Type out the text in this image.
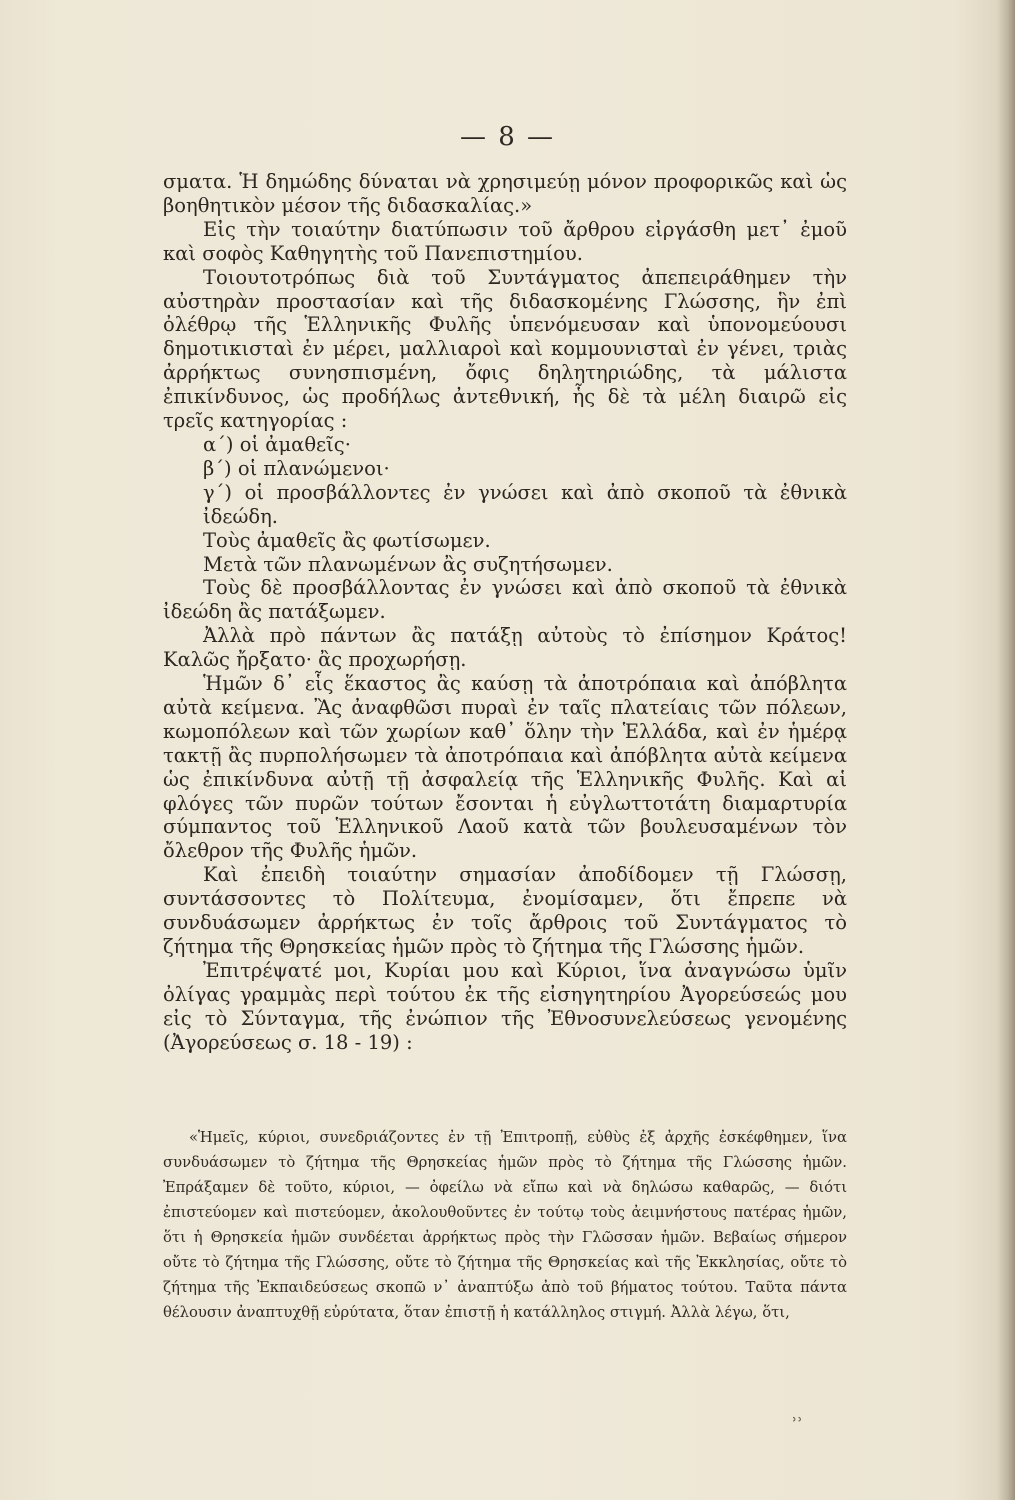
— 8 —

σματα. Ἡ δημώδης δύναται νὰ χρησιμεύῃ μόνον προφορικῶς καὶ ὡς βοηθητικὸν μέσον τῆς διδασκαλίας.»

Εἰς τὴν τοιαύτην διατύπωσιν τοῦ ἄρθρου εἰργάσθη μετ᾽ ἐμοῦ καὶ σοφὸς Καθηγητὴς τοῦ Πανεπιστημίου.

Τοιουτοτρόπως διὰ τοῦ Συντάγματος ἀπεπειράθημεν τὴν αὐστηρὰν προστασίαν καὶ τῆς διδασκομένης Γλώσσης, ἣν ἐπὶ ὀλέθρῳ τῆς Ἑλληνικῆς Φυλῆς ὑπενόμευσαν καὶ ὑπονομεύουσι δημοτικισταὶ ἐν μέρει, μαλλιαροὶ καὶ κομμουνισταὶ ἐν γένει, τριὰς ἀρρήκτως συνησπισμένη, ὄφις δηλητηριώδης, τὰ μάλιστα ἐπικίνδυνος, ὡς προδήλως ἀντεθνική, ἧς δὲ τὰ μέλη διαιρῶ εἰς τρεῖς κατηγορίας :

α΄) οἱ ἀμαθεῖς·

β΄) οἱ πλανώμενοι·

γ΄) οἱ προσβάλλοντες ἐν γνώσει καὶ ἀπὸ σκοποῦ τὰ ἐθνικὰ ἰδεώδη.

Τοὺς ἀμαθεῖς ἂς φωτίσωμεν.

Μετὰ τῶν πλανωμένων ἂς συζητήσωμεν.

Τοὺς δὲ προσβάλλοντας ἐν γνώσει καὶ ἀπὸ σκοποῦ τὰ ἐθνικὰ ἰδεώδη ἂς πατάξωμεν.

Ἀλλὰ πρὸ πάντων ἂς πατάξῃ αὐτοὺς τὸ ἐπίσημον Κράτος! Καλῶς ἤρξατο· ἂς προχωρήσῃ.

Ἡμῶν δ᾽ εἷς ἕκαστος ἂς καύσῃ τὰ ἀποτρόπαια καὶ ἀπόβλητα αὐτὰ κείμενα. Ἂς ἀναφθῶσι πυραὶ ἐν ταῖς πλατείαις τῶν πόλεων, κωμοπόλεων καὶ τῶν χωρίων καθ᾽ ὅλην τὴν Ἑλλάδα, καὶ ἐν ἡμέρᾳ τακτῇ ἂς πυρπολήσωμεν τὰ ἀποτρόπαια καὶ ἀπόβλητα αὐτὰ κείμενα ὡς ἐπικίνδυνα αὐτῇ τῇ ἀσφαλείᾳ τῆς Ἑλληνικῆς Φυλῆς. Καὶ αἱ φλόγες τῶν πυρῶν τούτων ἔσονται ἡ εὐγλωττοτάτη διαμαρτυρία σύμπαντος τοῦ Ἑλληνικοῦ Λαοῦ κατὰ τῶν βουλευσαμένων τὸν ὄλεθρον τῆς Φυλῆς ἡμῶν.

Καὶ ἐπειδὴ τοιαύτην σημασίαν ἀποδίδομεν τῇ Γλώσσῃ, συντάσσοντες τὸ Πολίτευμα, ἐνομίσαμεν, ὅτι ἔπρεπε νὰ συνδυάσωμεν ἀρρήκτως ἐν τοῖς ἄρθροις τοῦ Συντάγματος τὸ ζήτημα τῆς Θρησκείας ἡμῶν πρὸς τὸ ζήτημα τῆς Γλώσσης ἡμῶν.

Ἐπιτρέψατέ μοι, Κυρίαι μου καὶ Κύριοι, ἵνα ἀναγνώσω ὑμῖν ὀλίγας γραμμὰς περὶ τούτου ἐκ τῆς εἰσηγητηρίου Ἀγορεύσεώς μου εἰς τὸ Σύνταγμα, τῆς ἐνώπιον τῆς Ἐθνοσυνελεύσεως γενομένης (Ἀγορεύσεως σ. 18 - 19) :

«Ἡμεῖς, κύριοι, συνεδριάζοντες ἐν τῇ Ἐπιτροπῇ, εὐθὺς ἐξ ἀρχῆς ἐσκέφθημεν, ἵνα συνδυάσωμεν τὸ ζήτημα τῆς Θρησκείας ἡμῶν πρὸς τὸ ζήτημα τῆς Γλώσσης ἡμῶν. Ἐπράξαμεν δὲ τοῦτο, κύριοι, — ὀφείλω νὰ εἴπω καὶ νὰ δηλώσω καθαρῶς, — διότι ἐπιστεύομεν καὶ πιστεύομεν, ἀκολουθοῦντες ἐν τούτῳ τοὺς ἀειμνήστους πατέρας ἡμῶν, ὅτι ἡ Θρησκεία ἡμῶν συνδέεται ἀρρήκτως πρὸς τὴν Γλῶσσαν ἡμῶν. Βεβαίως σήμερον οὔτε τὸ ζήτημα τῆς Γλώσσης, οὔτε τὸ ζήτημα τῆς Θρησκείας καὶ τῆς Ἐκκλησίας, οὔτε τὸ ζήτημα τῆς Ἐκπαιδεύσεως σκοπῶ ν᾽ ἀναπτύξω ἀπὸ τοῦ βήματος τούτου. Ταῦτα πάντα θέλουσιν ἀναπτυχθῇ εὐρύτατα, ὅταν ἐπιστῇ ἡ κατάλληλος στιγμή. Ἀλλὰ λέγω, ὅτι,

˒˒
